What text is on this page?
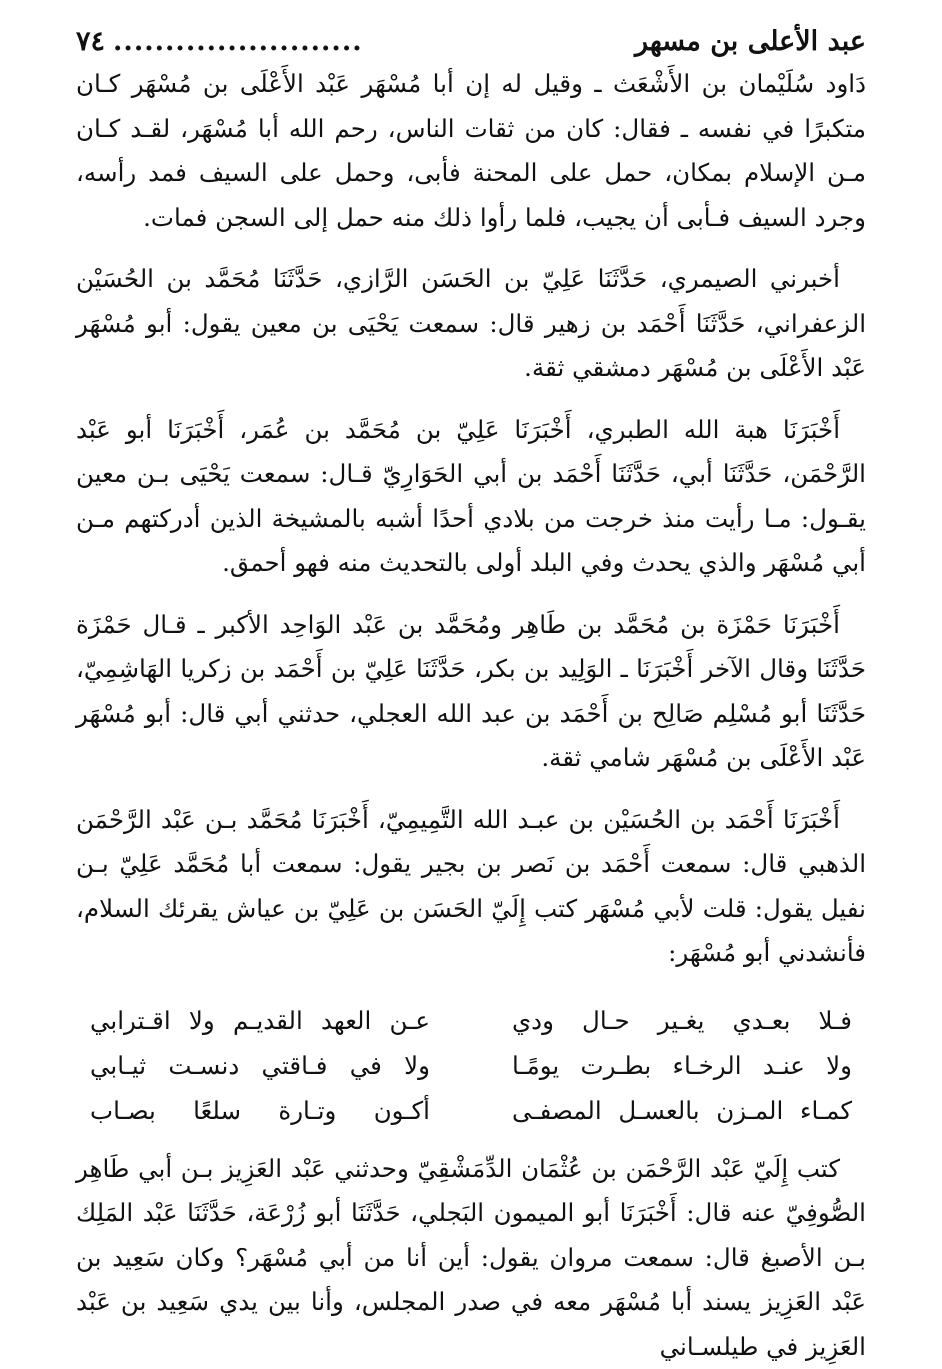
عبد الأعلى بن مسهر
........................
٧٤

دَاود سُلَيْمان بن الأَشْعَث ـ وقيل له إن أبا مُسْهَر عَبْد الأَعْلَى بن مُسْهَر كـان متكبرًا في نفسه ـ فقال: كان من ثقات الناس، رحم الله أبا مُسْهَر، لقـد كـان مـن الإسلام بمكان، حمل على المحنة فأبى، وحمل على السيف فمد رأسه، وجرد السيف فـأبى أن يجيب، فلما رأوا ذلك منه حمل إلى السجن فمات.

أخبرني الصيمري، حَدَّثَنَا عَلِيّ بن الحَسَن الرَّازي، حَدَّثَنَا مُحَمَّد بن الحُسَيْن الزعفراني، حَدَّثَنَا أَحْمَد بن زهير قال: سمعت يَحْيَى بن معين يقول: أبو مُسْهَر عَبْد الأَعْلَى بن مُسْهَر دمشقي ثقة.

أَخْبَرَنَا هبة الله الطبري، أَخْبَرَنَا عَلِيّ بن مُحَمَّد بن عُمَر، أَخْبَرَنَا أبو عَبْد الرَّحْمَن، حَدَّثَنَا أبي، حَدَّثَنَا أَحْمَد بن أبي الحَوَارِيّ قـال: سمعت يَحْيَى بـن معين يقـول: مـا رأيت منذ خرجت من بلادي أحدًا أشبه بالمشيخة الذين أدركتهم مـن أبي مُسْهَر والذي يحدث وفي البلد أولى بالتحديث منه فهو أحمق.

أَخْبَرَنَا حَمْزَة بن مُحَمَّد بن طَاهِر ومُحَمَّد بن عَبْد الوَاحِد الأكبر ـ قـال حَمْزَة حَدَّثَنَا وقال الآخر أَخْبَرَنَا ـ الوَلِيد بن بكر، حَدَّثَنَا عَلِيّ بن أَحْمَد بن زكريا الهَاشِمِيّ، حَدَّثَنَا أبو مُسْلِم صَالِح بن أَحْمَد بن عبد الله العجلي، حدثني أبي قال: أبو مُسْهَر عَبْد الأَعْلَى بن مُسْهَر شامي ثقة.

أَخْبَرَنَا أَحْمَد بن الحُسَيْن بن عبـد الله التَّمِيمِيّ، أَخْبَرَنَا مُحَمَّد بـن عَبْد الرَّحْمَن الذهبي قال: سمعت أَحْمَد بن نَصر بن بجير يقول: سمعت أبا مُحَمَّد عَلِيّ بـن نفيل يقول: قلت لأبي مُسْهَر كتب إِلَيّ الحَسَن بن عَلِيّ بن عياش يقرئك السلام، فأنشدني أبو مُسْهَر:

فـلا بعـدي يغـير حـال ودي
عـن العهد القديـم ولا اقـترابي
ولا عنـد الرخـاء بطـرت يومًـا
ولا في فـاقتي دنسـت ثيـابي
كمـاء المـزن بالعسـل المصفـى
أكـون وتـارة سلعًا بصـاب

كتب إِلَيّ عَبْد الرَّحْمَن بن عُثْمَان الدِّمَشْقِيّ وحدثني عَبْد العَزِيز بـن أبي طَاهِر الصُّوفِيّ عنه قال: أَخْبَرَنَا أبو الميمون البَجلي، حَدَّثَنَا أبو زُرْعَة، حَدَّثَنَا عَبْد المَلِك بـن الأصبغ قال: سمعت مروان يقول: أين أنا من أبي مُسْهَر؟ وكان سَعِيد بن عَبْد العَزِيز يسند أبا مُسْهَر معه في صدر المجلس، وأنا بين يدي سَعِيد بن عَبْد العَزِيز في طيلسـاني
